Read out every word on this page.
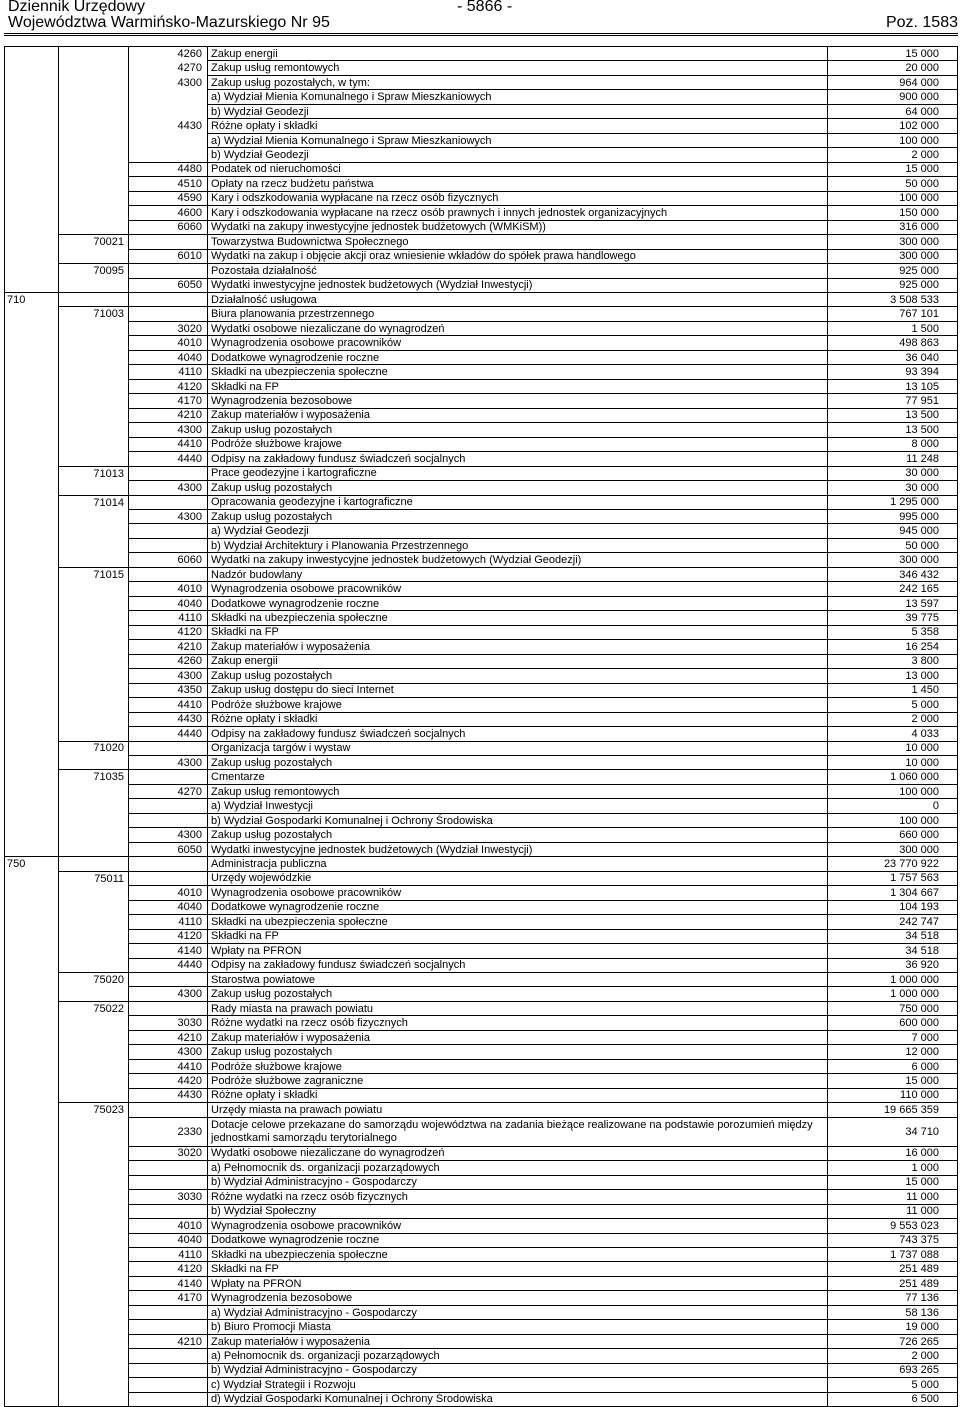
Dziennik Urzędowy	- 5866 -
Województwa Warmińsko-Mazurskiego Nr 95	Poz. 1583
		4260	Zakup energii	15 000
		4270	Zakup usług remontowych	20 000
		4300	Zakup usług pozostałych, w tym:	964 000
			a) Wydział Mienia Komunalnego i Spraw Mieszkaniowych	900 000
			b) Wydział Geodezji	64 000
		4430	Różne opłaty i składki	102 000
			a) Wydział Mienia Komunalnego i Spraw Mieszkaniowych	100 000
			b) Wydział Geodezji	2 000
		4480	Podatek od nieruchomości	15 000
		4510	Opłaty na rzecz budżetu państwa	50 000
		4590	Kary i odszkodowania wypłacane na rzecz osób fizycznych	100 000
		4600	Kary i odszkodowania wypłacane na rzecz osób prawnych i innych jednostek organizacyjnych	150 000
		6060	Wydatki na zakupy inwestycyjne jednostek budżetowych (WMKiSM))	316 000
	70021		Towarzystwa Budownictwa Społecznego	300 000
		6010	Wydatki na zakup i objęcie akcji oraz wniesienie wkładów do spółek prawa handlowego	300 000
	70095		Pozostała działalność	925 000
		6050	Wydatki inwestycyjne jednostek budżetowych (Wydział Inwestycji)	925 000
710			Działalność usługowa	3 508 533
	71003		Biura planowania przestrzennego	767 101
		3020	Wydatki osobowe niezaliczane do wynagrodzeń	1 500
		4010	Wynagrodzenia osobowe pracowników	498 863
		4040	Dodatkowe wynagrodzenie roczne	36 040
		4110	Składki na ubezpieczenia społeczne	93 394
		4120	Składki na FP	13 105
		4170	Wynagrodzenia bezosobowe	77 951
		4210	Zakup materiałów i wyposażenia	13 500
		4300	Zakup usług pozostałych	13 500
		4410	Podróże służbowe krajowe	8 000
		4440	Odpisy na zakładowy fundusz świadczeń socjalnych	11 248
	71013		Prace geodezyjne i kartograficzne	30 000
		4300	Zakup usług pozostałych	30 000
	71014		Opracowania geodezyjne i kartograficzne	1 295 000
		4300	Zakup usług pozostałych	995 000
			a) Wydział Geodezji	945 000
			b) Wydział Architektury i Planowania Przestrzennego	50 000
		6060	Wydatki na zakupy inwestycyjne jednostek budżetowych (Wydział Geodezji)	300 000
	71015		Nadzór budowlany	346 432
		4010	Wynagrodzenia osobowe pracowników	242 165
		4040	Dodatkowe wynagrodzenie roczne	13 597
		4110	Składki na ubezpieczenia społeczne	39 775
		4120	Składki na FP	5 358
		4210	Zakup materiałów i wyposażenia	16 254
		4260	Zakup energii	3 800
		4300	Zakup usług pozostałych	13 000
		4350	Zakup usług dostępu do sieci Internet	1 450
		4410	Podróże służbowe krajowe	5 000
		4430	Różne opłaty i składki	2 000
		4440	Odpisy na zakładowy fundusz świadczeń socjalnych	4 033
	71020		Organizacja targów i wystaw	10 000
		4300	Zakup usług pozostałych	10 000
	71035		Cmentarze	1 060 000
		4270	Zakup usług remontowych	100 000
			a) Wydział Inwestycji	0
			b) Wydział Gospodarki Komunalnej i Ochrony Środowiska	100 000
		4300	Zakup usług pozostałych	660 000
		6050	Wydatki inwestycyjne jednostek budżetowych (Wydział Inwestycji)	300 000
750			Administracja publiczna	23 770 922
	75011		Urzędy wojewódzkie	1 757 563
		4010	Wynagrodzenia osobowe pracowników	1 304 667
		4040	Dodatkowe wynagrodzenie roczne	104 193
		4110	Składki na ubezpieczenia społeczne	242 747
		4120	Składki na FP	34 518
		4140	Wpłaty na PFRON	34 518
		4440	Odpisy na zakładowy fundusz świadczeń socjalnych	36 920
	75020		Starostwa powiatowe	1 000 000
		4300	Zakup usług pozostałych	1 000 000
	75022		Rady miasta na prawach powiatu	750 000
		3030	Różne wydatki na rzecz osób fizycznych	600 000
		4210	Zakup materiałów i wyposażenia	7 000
		4300	Zakup usług pozostałych	12 000
		4410	Podróże służbowe krajowe	6 000
		4420	Podróże służbowe zagraniczne	15 000
		4430	Różne opłaty i składki	110 000
	75023		Urzędy miasta na prawach powiatu	19 665 359
		2330	Dotacje celowe przekazane do samorządu województwa na zadania bieżące realizowane na podstawie porozumień między jednostkami samorządu terytorialnego	34 710
		3020	Wydatki osobowe niezaliczane do wynagrodzeń	16 000
			a) Pełnomocnik ds. organizacji pozarządowych	1 000
			b) Wydział Administracyjno - Gospodarczy	15 000
		3030	Różne wydatki na rzecz osób fizycznych	11 000
			b) Wydział Społeczny	11 000
		4010	Wynagrodzenia osobowe pracowników	9 553 023
		4040	Dodatkowe wynagrodzenie roczne	743 375
		4110	Składki na ubezpieczenia społeczne	1 737 088
		4120	Składki na FP	251 489
		4140	Wpłaty na PFRON	251 489
		4170	Wynagrodzenia bezosobowe	77 136
			a) Wydział Administracyjno - Gospodarczy	58 136
			b) Biuro Promocji Miasta	19 000
		4210	Zakup materiałów i wyposażenia	726 265
			a) Pełnomocnik ds. organizacji pozarządowych	2 000
			b) Wydział Administracyjno - Gospodarczy	693 265
			c) Wydział Strategii i Rozwoju	5 000
			d) Wydział Gospodarki Komunalnej i Ochrony Środowiska	6 500
